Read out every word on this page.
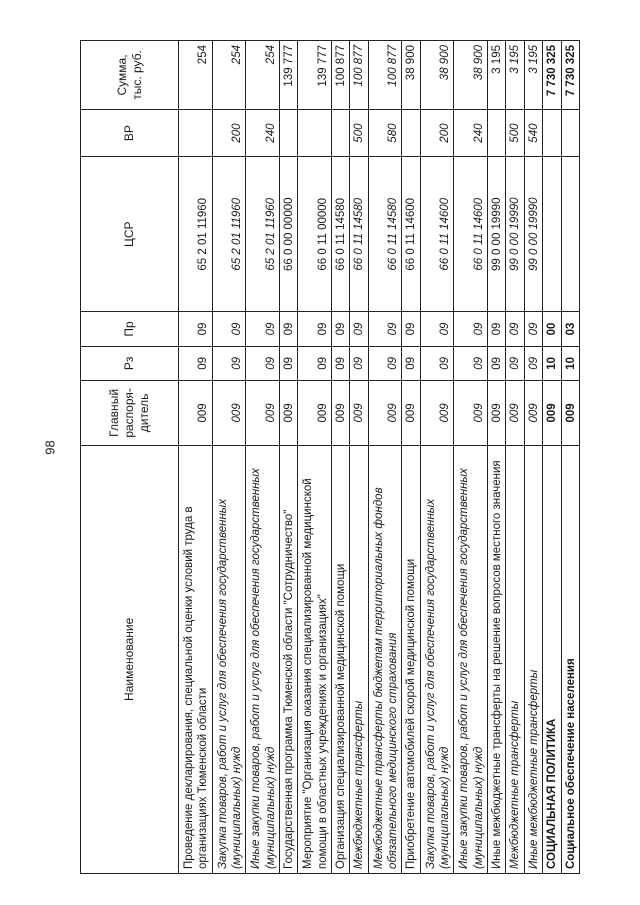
98
Наименование	Главный распоря-дитель	Рз	Пр	ЦСР	ВР	Сумма, тыс. руб.
Проведение декларирования, специальной оценки условий труда в организациях Тюменской области	009	09	09	65 2 01 11960		254
Закупка товаров, работ и услуг для обеспечения государственных (муниципальных) нужд	009	09	09	65 2 01 11960	200	254
Иные закупки товаров, работ и услуг для обеспечения государственных (муниципальных) нужд	009	09	09	65 2 01 11960	240	254
Государственная программа Тюменской области "Сотрудничество"	009	09	09	66 0 00 00000		139 777
Мероприятие "Организация оказания специализированной медицинской помощи в областных учреждениях и организациях"	009	09	09	66 0 11 00000		139 777
Организация специализированной медицинской помощи	009	09	09	66 0 11 14580		100 877
Межбюджетные трансферты	009	09	09	66 0 11 14580	500	100 877
Межбюджетные трансферты бюджетам территориальных фондов обязательного медицинского страхования	009	09	09	66 0 11 14580	580	100 877
Приобретение автомобилей скорой медицинской помощи	009	09	09	66 0 11 14600		38 900
Закупка товаров, работ и услуг для обеспечения государственных (муниципальных) нужд	009	09	09	66 0 11 14600	200	38 900
Иные закупки товаров, работ и услуг для обеспечения государственных (муниципальных) нужд	009	09	09	66 0 11 14600	240	38 900
Иные межбюджетные трансферты на решение вопросов местного значения	009	09	09	99 0 00 19990		3 195
Межбюджетные трансферты	009	09	09	99 0 00 19990	500	3 195
Иные межбюджетные трансферты	009	09	09	99 0 00 19990	540	3 195
СОЦИАЛЬНАЯ ПОЛИТИКА	009	10	00			7 730 325
Социальное обеспечение населения	009	10	03			7 730 325
